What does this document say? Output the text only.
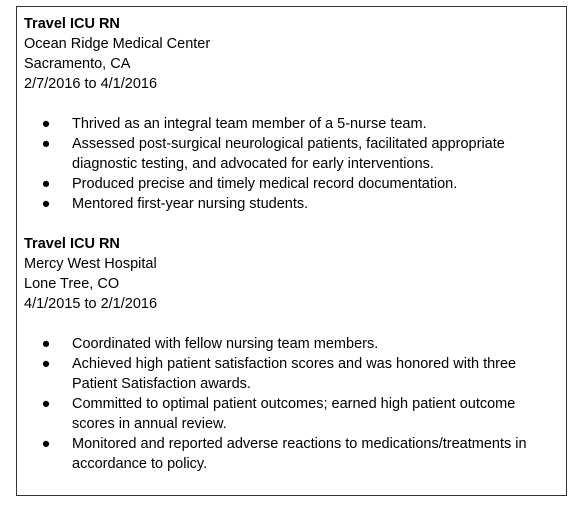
Travel ICU RN
Ocean Ridge Medical Center
Sacramento, CA
2/7/2016 to 4/1/2016
● Thrived as an integral team member of a 5-nurse team.
● Assessed post-surgical neurological patients, facilitated appropriate diagnostic testing, and advocated for early interventions.
● Produced precise and timely medical record documentation.
● Mentored first-year nursing students.
Travel ICU RN
Mercy West Hospital
Lone Tree, CO
4/1/2015 to 2/1/2016
● Coordinated with fellow nursing team members.
● Achieved high patient satisfaction scores and was honored with three Patient Satisfaction awards.
● Committed to optimal patient outcomes; earned high patient outcome scores in annual review.
● Monitored and reported adverse reactions to medications/treatments in accordance to policy.
